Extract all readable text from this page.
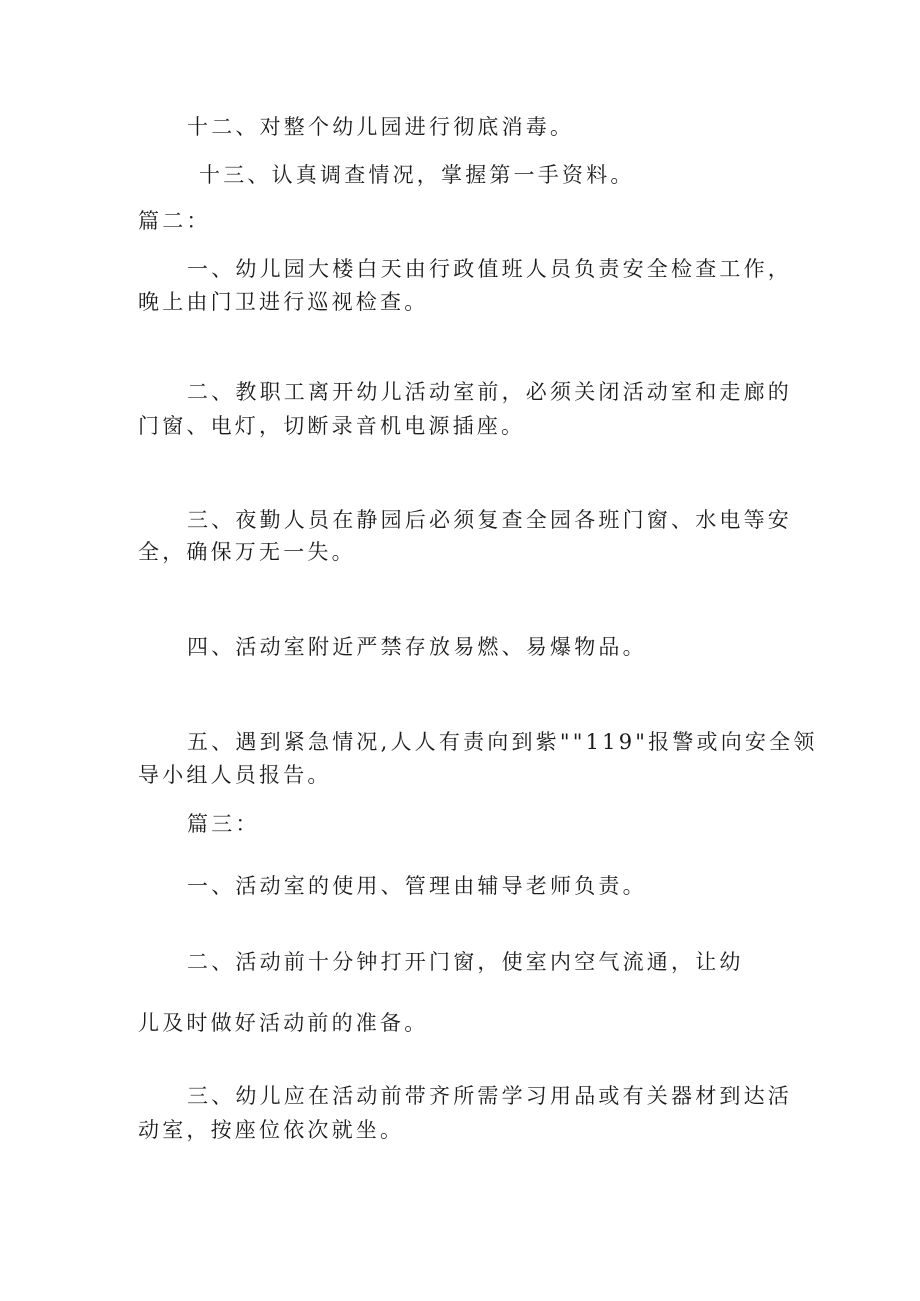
十二、对整个幼儿园进行彻底消毒。
十三、认真调查情况，掌握第一手资料。
篇二：
一、幼儿园大楼白天由行政值班人员负责安全检查工作，
晚上由门卫进行巡视检查。
二、教职工离开幼儿活动室前，必须关闭活动室和走廊的
门窗、电灯，切断录音机电源插座。
三、夜勤人员在静园后必须复查全园各班门窗、水电等安
全，确保万无一失。
四、活动室附近严禁存放易燃、易爆物品。
五、遇到紧急情况,人人有责向到紫""119"报警或向安全领
导小组人员报告。
篇三：
一、活动室的使用、管理由辅导老师负责。
二、活动前十分钟打开门窗，使室内空气流通，让幼
儿及时做好活动前的准备。
三、幼儿应在活动前带齐所需学习用品或有关器材到达活
动室，按座位依次就坐。
